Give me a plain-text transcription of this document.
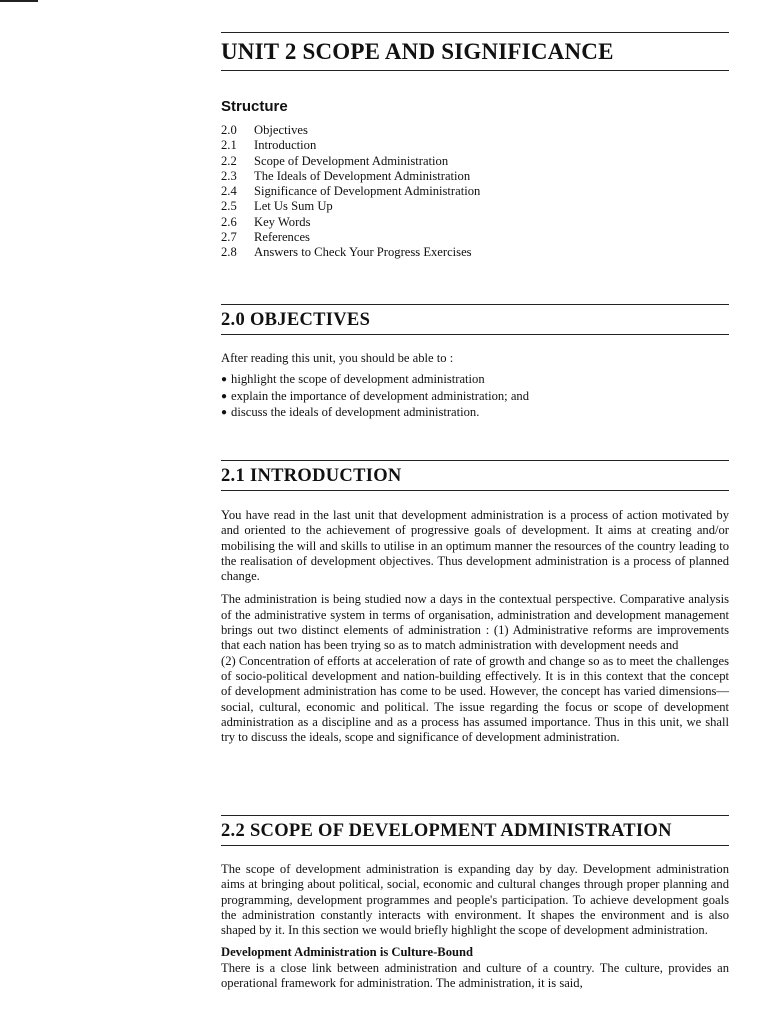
UNIT 2 SCOPE AND SIGNIFICANCE
Structure
2.0	Objectives
2.1	Introduction
2.2	Scope of Development Administration
2.3	The Ideals of Development Administration
2.4	Significance of Development Administration
2.5	Let Us Sum Up
2.6	Key Words
2.7	References
2.8	Answers to Check Your Progress Exercises
2.0 OBJECTIVES

After reading this unit, you should be able to :

● highlight the scope of development administration
● explain the importance of development administration; and
● discuss the ideals of development administration.
2.1 INTRODUCTION

You have read in the last unit that development administration is a process of action motivated by and oriented to the achievement of progressive goals of development. It aims at creating and/or mobilising the will and skills to utilise in an optimum manner the resources of the country leading to the realisation of development objectives. Thus development administration is a process of planned change.

The administration is being studied now a days in the contextual perspective. Comparative analysis of the administrative system in terms of organisation, administration and development management brings out two distinct elements of administration : (1) Administrative reforms are improvements that each nation has been trying so as to match administration with development needs and

(2) Concentration of efforts at acceleration of rate of growth and change so as to meet the challenges of socio-political development and nation-building effectively. It is in this context that the concept of development administration has come to be used. However, the concept has varied dimensions—social, cultural, economic and political. The issue regarding the focus or scope of development administration as a discipline and as a process has assumed importance. Thus in this unit, we shall try to discuss the ideals, scope and significance of development administration.

2.2 SCOPE OF DEVELOPMENT ADMINISTRATION

The scope of development administration is expanding day by day. Development administration aims at bringing about political, social, economic and cultural changes through proper planning and programming, development programmes and people's participation. To achieve development goals the administration constantly interacts with environment. It shapes the environment and is also shaped by it. In this section we would briefly highlight the scope of development administration.

Development Administration is Culture-Bound

There is a close link between administration and culture of a country. The culture, provides an operational framework for administration. The administration, it is said,
